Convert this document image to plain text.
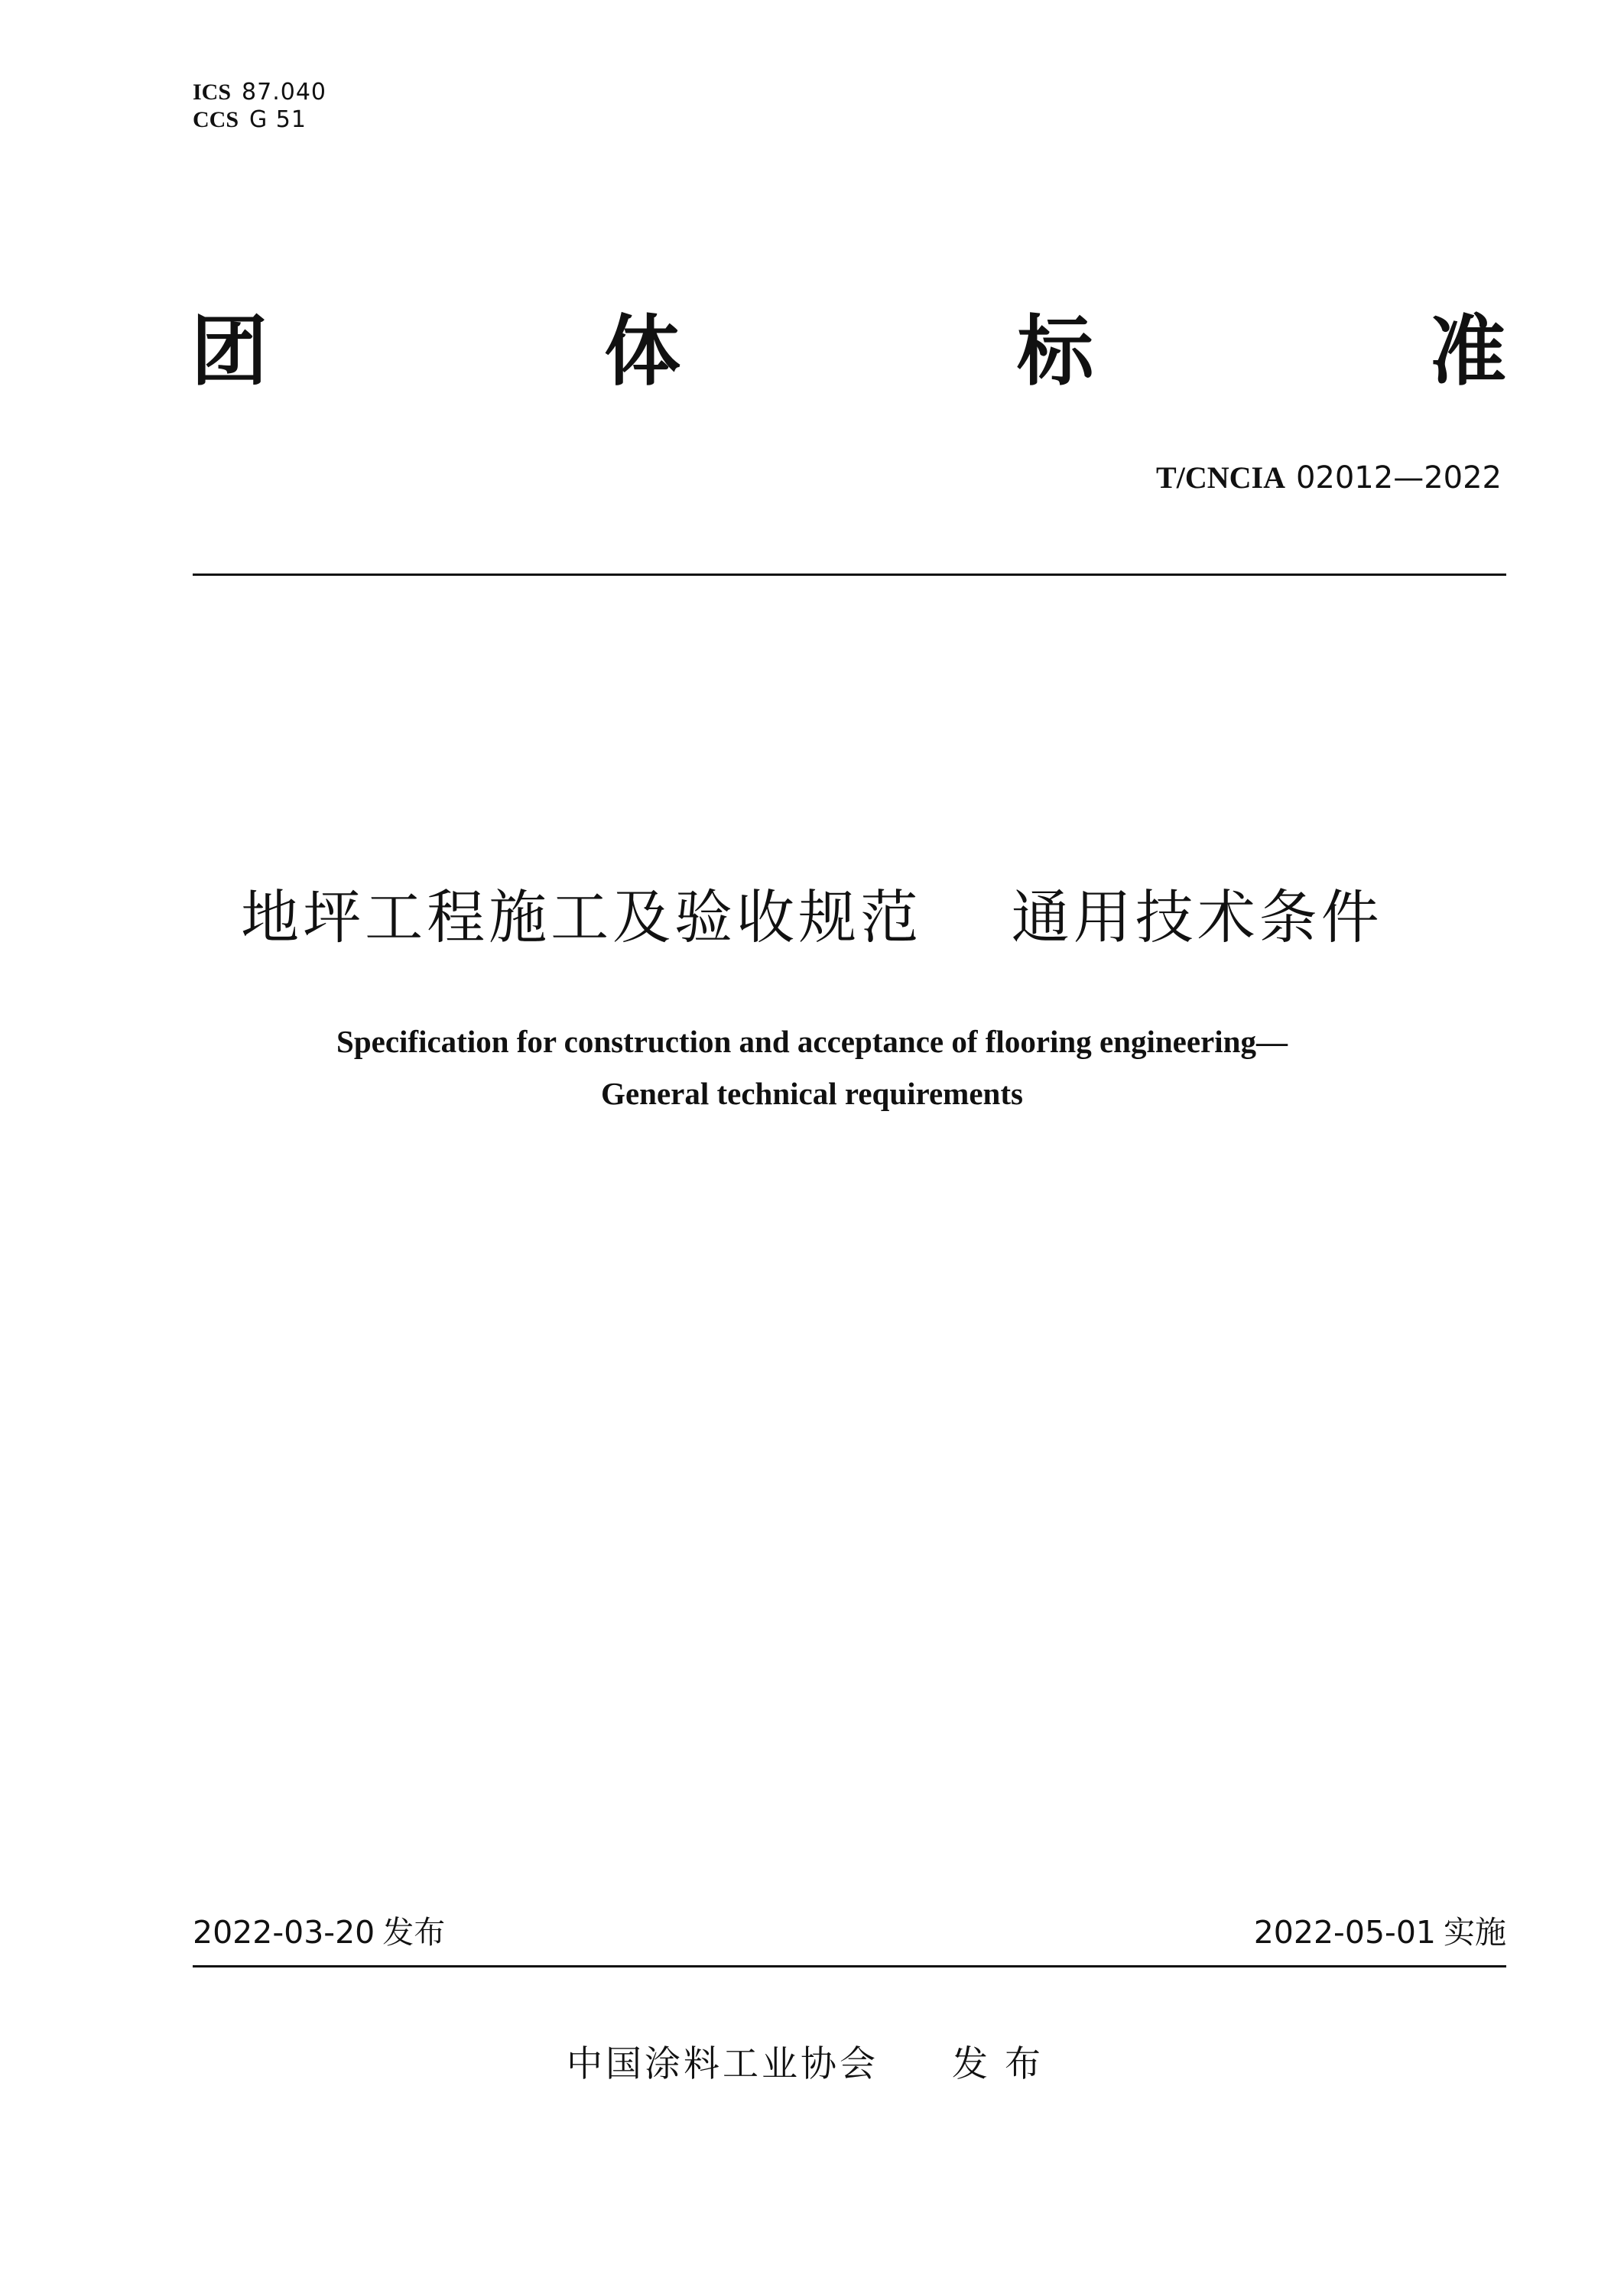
ICS 87.040
CCS G 51
团	体	标	准
T/CNCIA 02012—2022
地坪工程施工及验收规范    通用技术条件
Specification for construction and acceptance of flooring engineering—
General technical requirements
2022-03-20 发布	2022-05-01 实施
中国涂料工业协会 发布
